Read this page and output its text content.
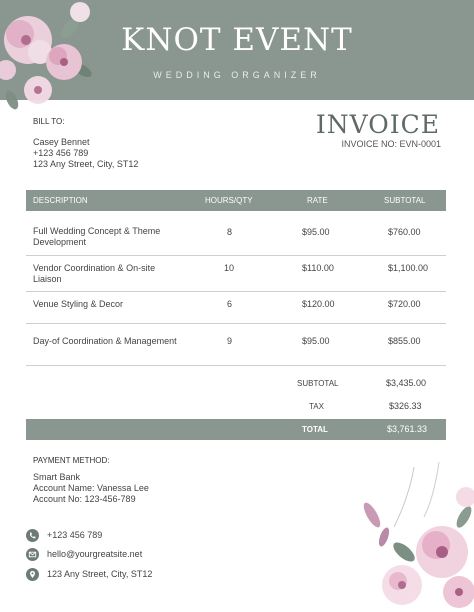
KNOT EVENT
WEDDING ORGANIZER
BILL TO:
Casey Bennet
+123 456 789
123 Any Street, City, ST12
INVOICE
INVOICE NO: EVN-0001
DESCRIPTION	HOURS/QTY	RATE	SUBTOTAL
Full Wedding Concept & Theme Development
8	$95.00	$760.00
Vendor Coordination & On-site Liaison
10	$110.00	$1,100.00
Venue Styling & Decor	6	$120.00	$720.00
Day-of Coordination & Management	9	$95.00	$855.00
SUBTOTAL	$3,435.00
TAX	$326.33
TOTAL	$3,761.33
PAYMENT METHOD:
Smart Bank
Account Name: Vanessa Lee
Account No: 123-456-789
+123 456 789
hello@yourgreatsite.net
123 Any Street, City, ST12
